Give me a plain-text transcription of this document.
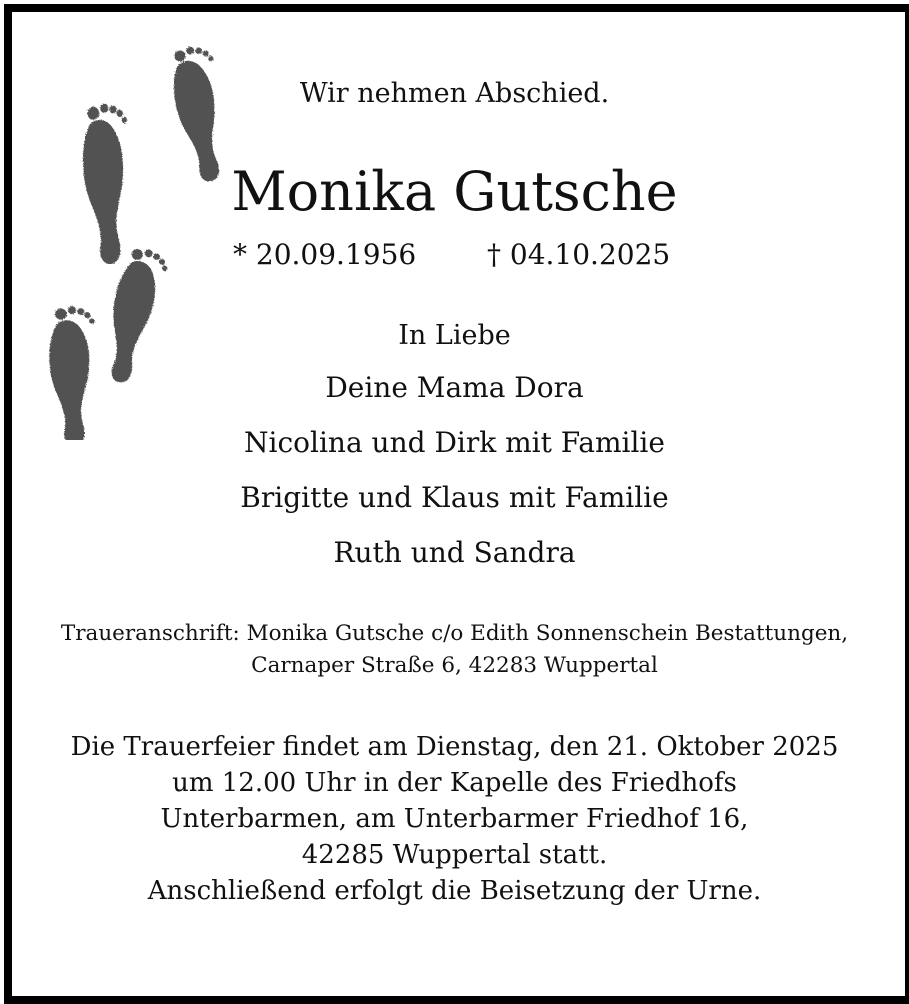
Wir nehmen Abschied.
Monika Gutsche
* 20.09.1956	† 04.10.2025
In Liebe
Deine Mama Dora
Nicolina und Dirk mit Familie
Brigitte und Klaus mit Familie
Ruth und Sandra
Traueranschrift: Monika Gutsche c/o Edith Sonnenschein Bestattungen,
Carnaper Straße 6, 42283 Wuppertal
Die Trauerfeier findet am Dienstag, den 21. Oktober 2025
um 12.00 Uhr in der Kapelle des Friedhofs
Unterbarmen, am Unterbarmer Friedhof 16,
42285 Wuppertal statt.
Anschließend erfolgt die Beisetzung der Urne.
